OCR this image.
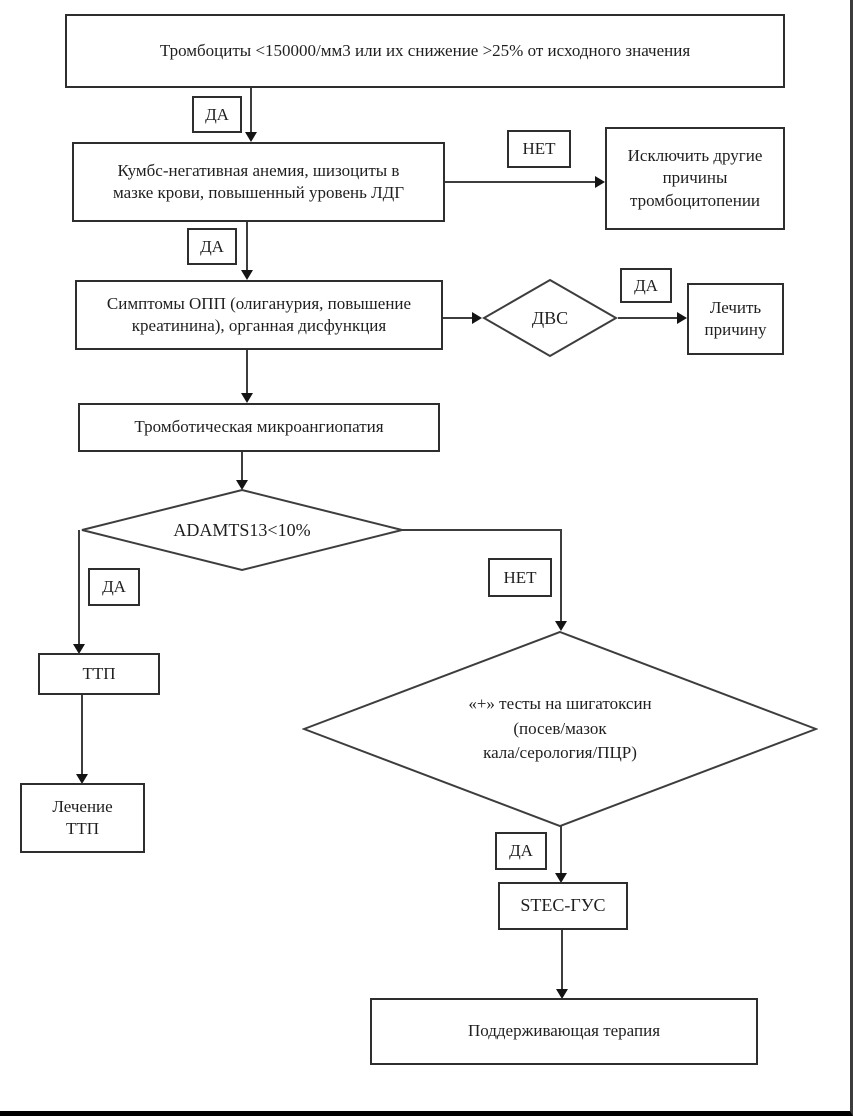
Тромбоциты <150000/мм3 или их снижение >25% от исходного значения
ДА
Кумбс-негативная анемия, шизоциты в
мазке крови, повышенный уровень ЛДГ
НЕТ	Исключить другие
причины
тромбоцитопении
ДА
Симптомы ОПП (олиганурия, повышение
креатинина), органная дисфункция	ДВС
ДА
Лечить
причину
Тромботическая микроангиопатия
ADAMTS13<10%
ДА
ТТП
Лечение
ТТП
НЕТ
«+» тесты на шигатоксин
(посев/мазок
кала/серология/ПЦР)
ДА
STEC-ГУС
Поддерживающая терапия
